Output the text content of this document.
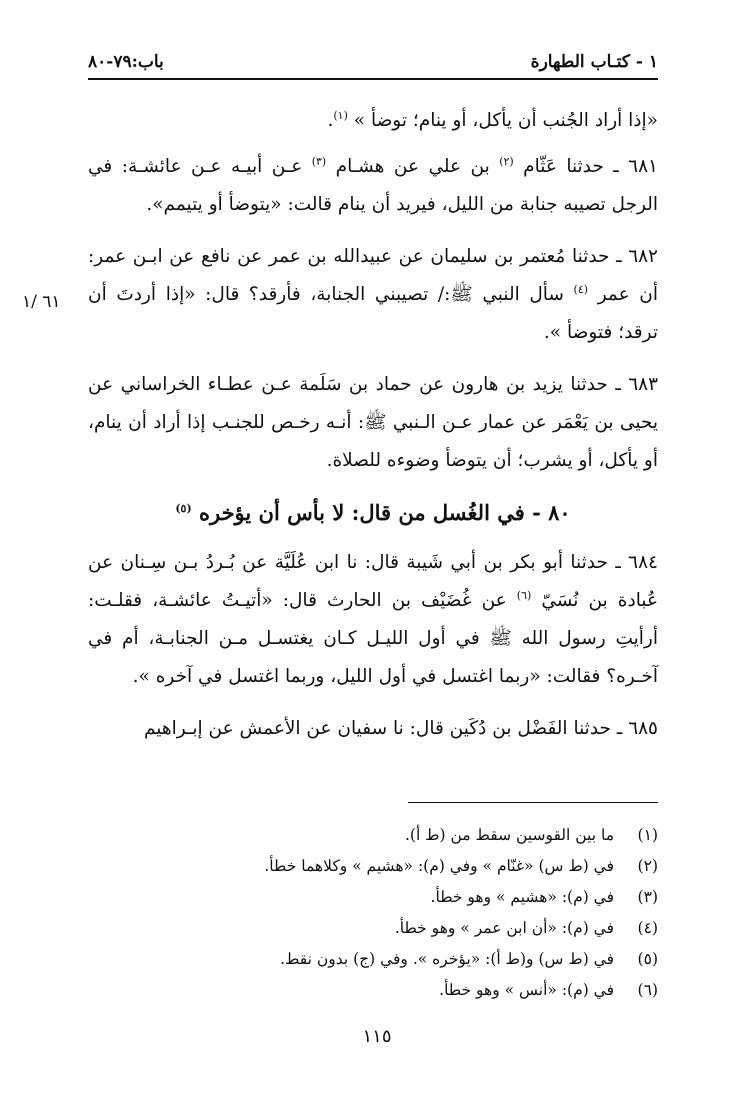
١ - كتـاب الطهارة
باب:٧٩-٨٠

«إذا أراد الجُنب أن يأكل، أو ينام؛ توضأ » $^{(١)}$.

٦٨١ ـ حدثنا عَثّام $^{(٢)}$ بن علي عن هشـام $^{(٣)}$ عـن أبيـه عـن عائشـة: في الرجل تصيبه جنابة من الليل، فيريد أن ينام قالت: «يتوضأ أو يتيمم».

٦٨٢ ـ حدثنا مُعتمر بن سليمان عن عبيدالله بن عمر عن نافع عن ابـن عمر: أن عمر $^{(٤)}$ سأل النبي ﷺ:/ تصيبني الجنابة، فأرقد؟ قال: «إذا أردتَ أن ترقد؛ فتوضأ ».

٦٨٣ ـ حدثنا يزيد بن هارون عن حماد بن سَلَمة عـن عطـاء الخراساني عن يحيى بن يَعْمَر عن عمار عـن الـنبي ﷺ: أنـه رخـص للجنـب إذا أراد أن ينام، أو يأكل، أو يشرب؛ أن يتوضأ وضوءه للصلاة.

٨٠ - في الغُسل من قال: لا بأس أن يؤخره $^{(٥)}$

٦٨٤ ـ حدثنا أبو بكر بن أبي شَيبة قال: نا ابن عُلَيَّة عن بُـردُ بـن سِـنان عن عُبادة بن نُسَيّ $^{(٦)}$ عن غُضَيْف بن الحارث قال: «أتيـتُ عائشـة، فقلـت: أرأيتِ رسول الله ﷺ في أول الليـل كـان يغتسـل مـن الجنابـة، أم في آخـره؟ فقالت: «ربما اغتسل في أول الليل، وربما اغتسل في آخره ».

٦٨٥ ـ حدثنا الفَضْل بن دُكَين قال: نا سفيان عن الأعمش عن إبـراهيم

٦١ /١
(١)
ما بين القوسين سقط من (ط أ).
(٢)
في (ط س) «غنّام » وفي (م): «هشيم » وكلاهما خطأ.
(٣)
في (م): «هشيم » وهو خطأ.
(٤)
في (م): «أن ابن عمر » وهو خطأ.
(٥)
في (ط س) و(ط أ): «يؤخره ». وفي (ج) بدون نقط.
(٦)
في (م): «أنس » وهو خطأ.
١١٥
